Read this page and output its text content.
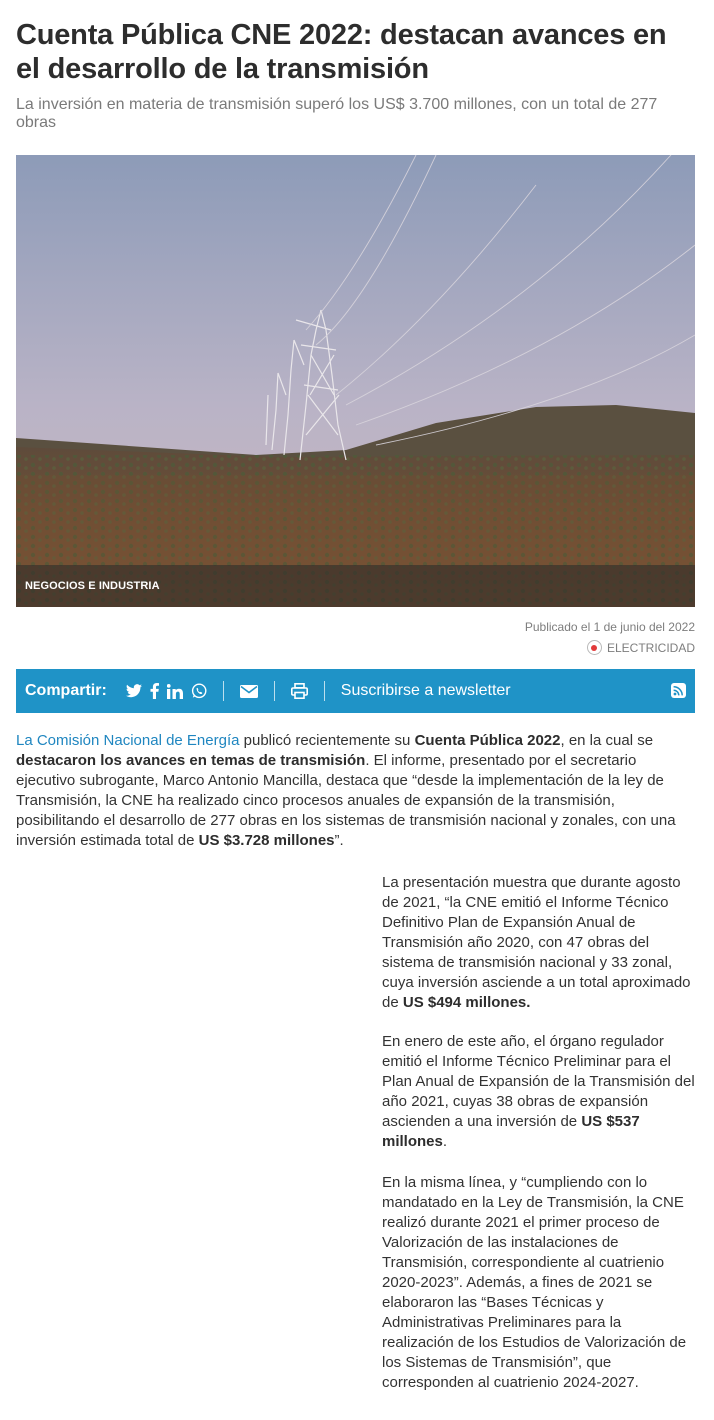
Cuenta Pública CNE 2022: destacan avances en el desarrollo de la transmisión

La inversión en materia de transmisión superó los US$ 3.700 millones, con un total de 277 obras

NEGOCIOS E INDUSTRIA
Publicado el 1 de junio del 2022
ELECTRICIDAD
Compartir:	Suscribirse a newsletter

La Comisión Nacional de Energía publicó recientemente su Cuenta Pública 2022, en la cual se destacaron los avances en temas de transmisión. El informe, presentado por el secretario ejecutivo subrogante, Marco Antonio Mancilla, destaca que “desde la implementación de la ley de Transmisión, la CNE ha realizado cinco procesos anuales de expansión de la transmisión, posibilitando el desarrollo de 277 obras en los sistemas de transmisión nacional y zonales, con una inversión estimada total de US $3.728 millones”.

La presentación muestra que durante agosto de 2021, “la CNE emitió el Informe Técnico Definitivo Plan de Expansión Anual de Transmisión año 2020, con 47 obras del sistema de transmisión nacional y 33 zonal, cuya inversión asciende a un total aproximado de US $494 millones.

En enero de este año, el órgano regulador emitió el Informe Técnico Preliminar para el Plan Anual de Expansión de la Transmisión del año 2021, cuyas 38 obras de expansión ascienden a una inversión de US $537 millones.

En la misma línea, y “cumpliendo con lo mandatado en la Ley de Transmisión, la CNE realizó durante 2021 el primer proceso de Valorización de las instalaciones de Transmisión, correspondiente al cuatrienio 2020-2023”. Además, a fines de 2021 se elaboraron las “Bases Técnicas y Administrativas Preliminares para la realización de los Estudios de Valorización de los Sistemas de Transmisión”, que corresponden al cuatrienio 2024-2027.
